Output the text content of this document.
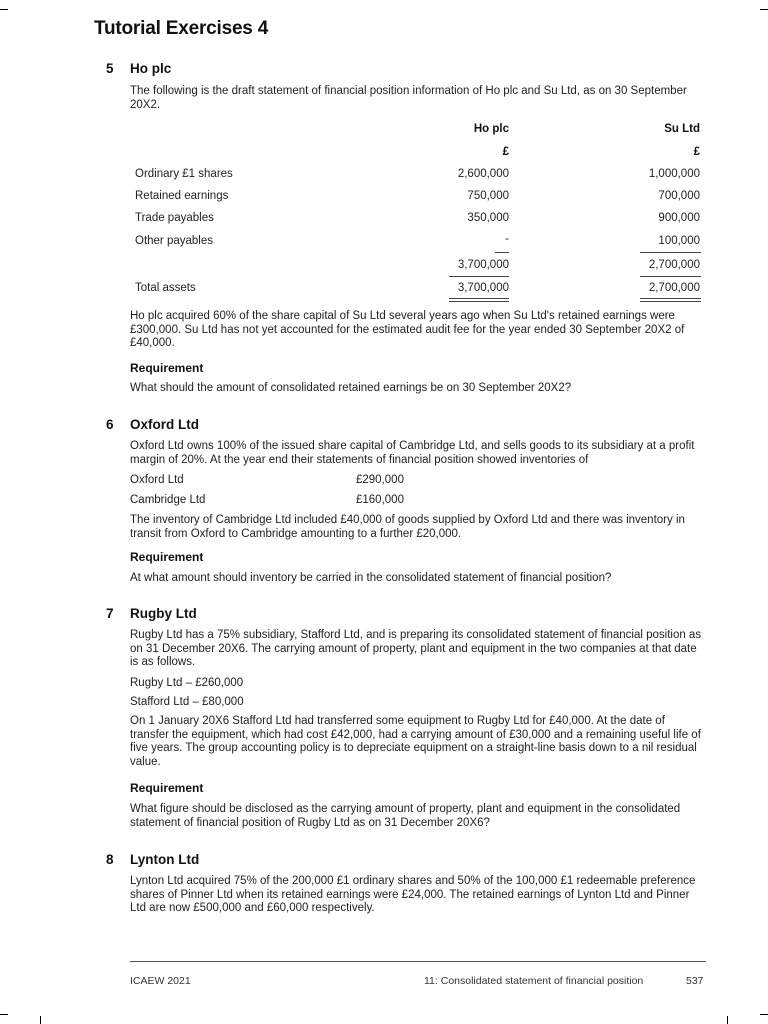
Tutorial Exercises 4
5 Ho plc
The following is the draft statement of financial position information of Ho plc and Su Ltd, as on 30 September 20X2.
Ho plc	Su Ltd
£	£
Ordinary £1 shares	2,600,000	1,000,000
Retained earnings	750,000	700,000
Trade payables	350,000	900,000
Other payables	-	100,000
3,700,000	2,700,000
Total assets	3,700,000	2,700,000
Ho plc acquired 60% of the share capital of Su Ltd several years ago when Su Ltd's retained earnings were £300,000. Su Ltd has not yet accounted for the estimated audit fee for the year ended 30 September 20X2 of £40,000.
Requirement
What should the amount of consolidated retained earnings be on 30 September 20X2?
6 Oxford Ltd
Oxford Ltd owns 100% of the issued share capital of Cambridge Ltd, and sells goods to its subsidiary at a profit margin of 20%. At the year end their statements of financial position showed inventories of
Oxford Ltd	£290,000
Cambridge Ltd	£160,000
The inventory of Cambridge Ltd included £40,000 of goods supplied by Oxford Ltd and there was inventory in transit from Oxford to Cambridge amounting to a further £20,000.
Requirement
At what amount should inventory be carried in the consolidated statement of financial position?
7 Rugby Ltd
Rugby Ltd has a 75% subsidiary, Stafford Ltd, and is preparing its consolidated statement of financial position as on 31 December 20X6. The carrying amount of property, plant and equipment in the two companies at that date is as follows.
Rugby Ltd – £260,000
Stafford Ltd – £80,000
On 1 January 20X6 Stafford Ltd had transferred some equipment to Rugby Ltd for £40,000. At the date of transfer the equipment, which had cost £42,000, had a carrying amount of £30,000 and a remaining useful life of five years. The group accounting policy is to depreciate equipment on a straight-line basis down to a nil residual value.
Requirement
What figure should be disclosed as the carrying amount of property, plant and equipment in the consolidated statement of financial position of Rugby Ltd as on 31 December 20X6?
8 Lynton Ltd
Lynton Ltd acquired 75% of the 200,000 £1 ordinary shares and 50% of the 100,000 £1 redeemable preference shares of Pinner Ltd when its retained earnings were £24,000. The retained earnings of Lynton Ltd and Pinner Ltd are now £500,000 and £60,000 respectively.
ICAEW 2021	11: Consolidated statement of financial position	537
